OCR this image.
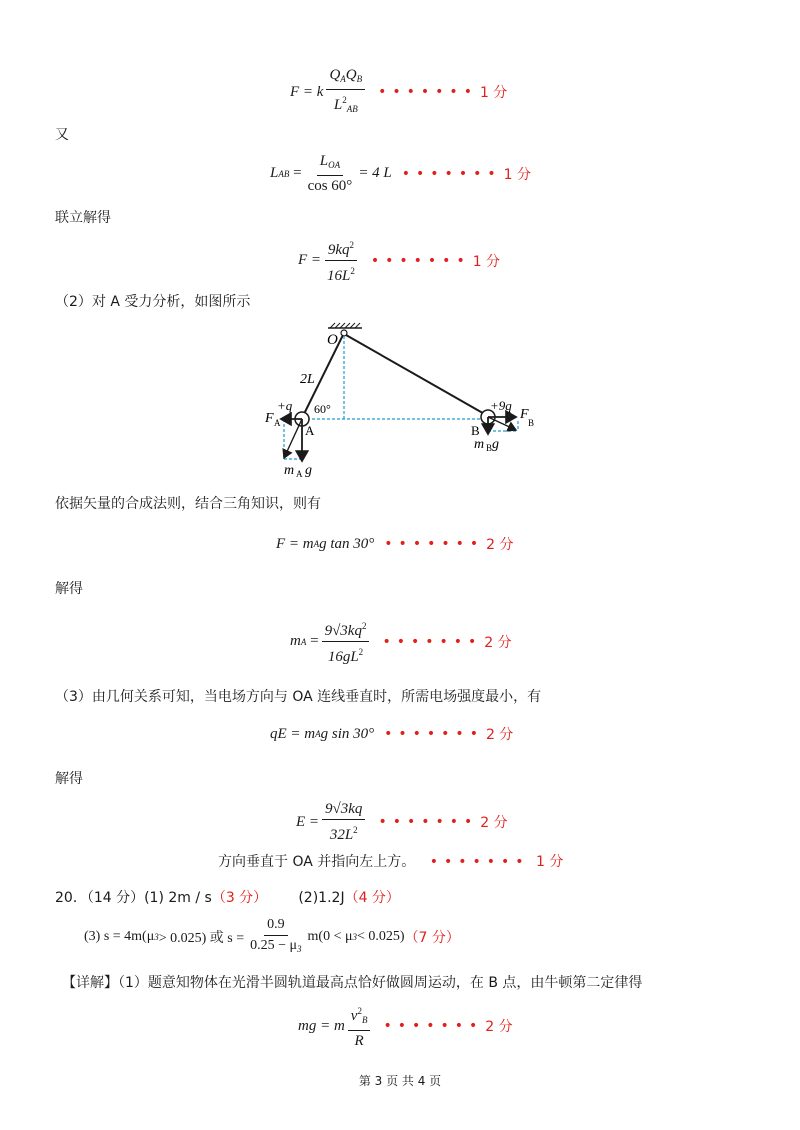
F = k $\frac{Q_AQ_B}{L^2_{AB}}$ ••••••• 1 分
又
L AB = $\frac{L_{OA}}{\cos 60^\circ} = 4$ L ••••••• 1 分
联立解得
$F = \frac{9kq^2}{16L^2}$ ••••••• 1 分
（2）对 A 受力分析，如图所示
O
2L
60°
+q
F A A
m A g
+9q
B
F
B
m B g
依据矢量的合成法则，结合三角知识，则有
F = m A g tan 30° ••••••• 2 分
解得
m A
= $\frac{9√3kq^2}{16gL^2}$ ••••••• 2 分
（3）由几何关系可知，当电场方向与 OA 连线垂直时，所需电场强度最小，有
qE = m A g sin 30° ••••••• 2 分
解得
$E = \frac{9√3kq}{32L^2}$ ••••••• 2 分
方向垂直于 OA 并指向左上方。 ••••••• 1 分
20．（14 分）(1) 2m / s（3 分） (2)1.2J（4 分）
(3) s = 4m(μ 3 > 0.025) 或 $s = \frac{0.9}{0.25 - \mu_3} m(0 < \mu$ 3 < 0.025) （7 分）
【详解】（1）题意知物体在光滑半圆轨道最高点恰好做圆周运动，在 B 点，由牛顿第二定律得
mg = m $\frac{v^2_B}{R}$ ••••••• 2 分
第 3 页 共 4 页
